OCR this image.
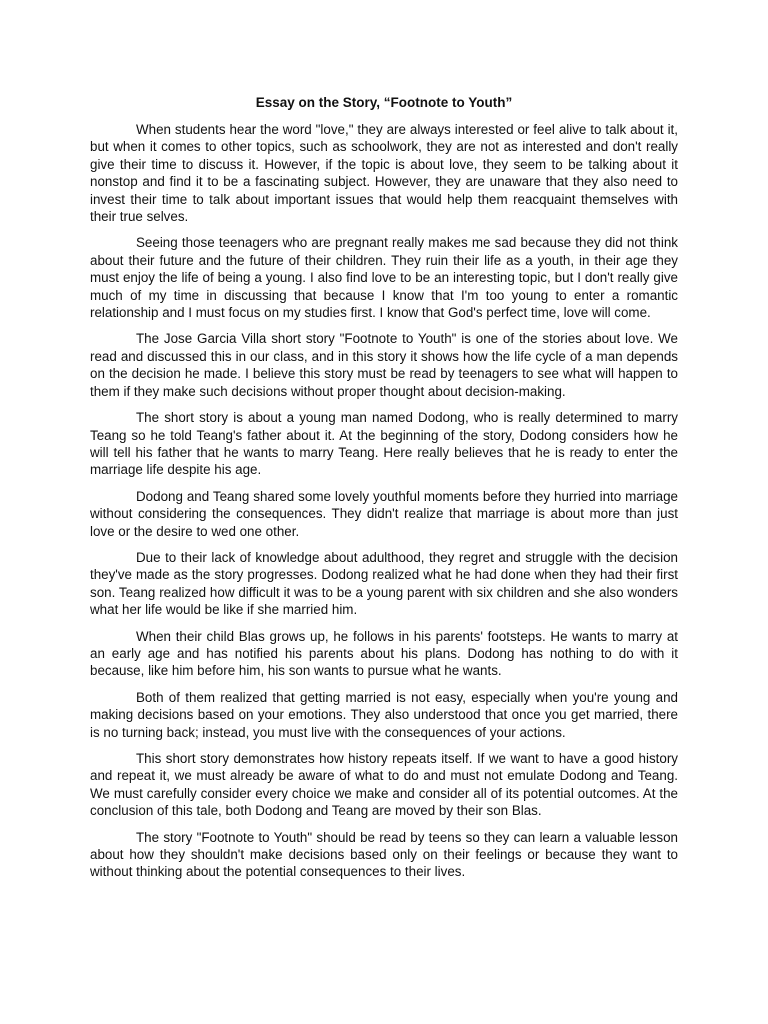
Essay on the Story, “Footnote to Youth”

When students hear the word "love," they are always interested or feel alive to talk about it, but when it comes to other topics, such as schoolwork, they are not as interested and don't really give their time to discuss it. However, if the topic is about love, they seem to be talking about it nonstop and find it to be a fascinating subject. However, they are unaware that they also need to invest their time to talk about important issues that would help them reacquaint themselves with their true selves.

Seeing those teenagers who are pregnant really makes me sad because they did not think about their future and the future of their children. They ruin their life as a youth, in their age they must enjoy the life of being a young. I also find love to be an interesting topic, but I don't really give much of my time in discussing that because I know that I'm too young to enter a romantic relationship and I must focus on my studies first. I know that God's perfect time, love will come.

The Jose Garcia Villa short story "Footnote to Youth" is one of the stories about love. We read and discussed this in our class, and in this story it shows how the life cycle of a man depends on the decision he made. I believe this story must be read by teenagers to see what will happen to them if they make such decisions without proper thought about decision-making.

The short story is about a young man named Dodong, who is really determined to marry Teang so he told Teang's father about it. At the beginning of the story, Dodong considers how he will tell his father that he wants to marry Teang. Here really believes that he is ready to enter the marriage life despite his age.

Dodong and Teang shared some lovely youthful moments before they hurried into marriage without considering the consequences. They didn't realize that marriage is about more than just love or the desire to wed one other.

Due to their lack of knowledge about adulthood, they regret and struggle with the decision they've made as the story progresses. Dodong realized what he had done when they had their first son. Teang realized how difficult it was to be a young parent with six children and she also wonders what her life would be like if she married him.

When their child Blas grows up, he follows in his parents' footsteps. He wants to marry at an early age and has notified his parents about his plans. Dodong has nothing to do with it because, like him before him, his son wants to pursue what he wants.

Both of them realized that getting married is not easy, especially when you're young and making decisions based on your emotions. They also understood that once you get married, there is no turning back; instead, you must live with the consequences of your actions.

This short story demonstrates how history repeats itself. If we want to have a good history and repeat it, we must already be aware of what to do and must not emulate Dodong and Teang. We must carefully consider every choice we make and consider all of its potential outcomes. At the conclusion of this tale, both Dodong and Teang are moved by their son Blas.

The story "Footnote to Youth" should be read by teens so they can learn a valuable lesson about how they shouldn't make decisions based only on their feelings or because they want to without thinking about the potential consequences to their lives.
